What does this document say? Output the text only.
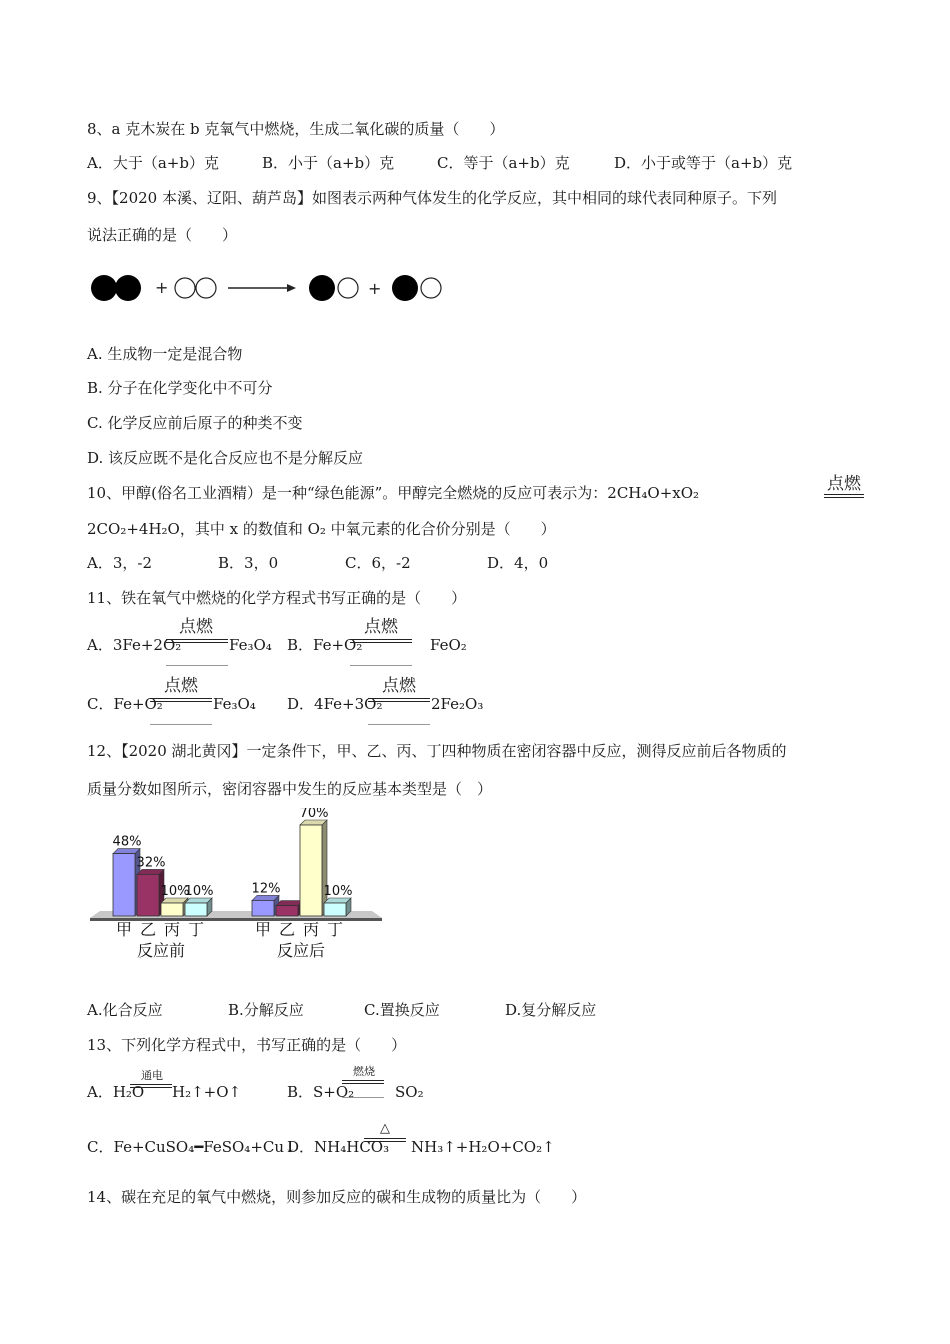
8、a 克木炭在 b 克氧气中燃烧，生成二氧化碳的质量（　　）
A．大于（a+b）克	B．小于（a+b）克	C．等于（a+b）克	D．小于或等于（a+b）克
9、【2020 本溪、辽阳、葫芦岛】如图表示两种气体发生的化学反应，其中相同的球代表同种原子。下列
说法正确的是（　　）
+	+
A. 生成物一定是混合物
B. 分子在化学变化中不可分
C. 化学反应前后原子的种类不变
D. 该反应既不是化合反应也不是分解反应
10、甲醇(俗名工业酒精）是一种“绿色能源”。甲醇完全燃烧的反应可表示为：2CH₄O+xO₂	点燃
2CO₂+4H₂O，其中 x 的数值和 O₂ 中氧元素的化合价分别是（　　）
A．3，-2	B．3，0	C．6，-2	D．4，0
11、铁在氧气中燃烧的化学方程式书写正确的是（　　）
A．3Fe+2O₂
点燃
Fe₃O₄ B．Fe+O₂
点燃
FeO₂
C．Fe+O₂
点燃
Fe₃O₄ D．4Fe+3O₂
点燃
2Fe₂O₃
12、【2020 湖北黄冈】一定条件下，甲、乙、丙、丁四种物质在密闭容器中反应，测得反应前后各物质的
质量分数如图所示，密闭容器中发生的反应基本类型是（　）
48%
32%
10%
10%	12%
70%
10%
甲 乙 丙 丁	甲 乙 丙 丁
反应前	反应后
A.化合反应	B.分解反应	C.置换反应	D.复分解反应
13、下列化学方程式中，书写正确的是（　　）
A．H₂O
通电
H₂↑+O↑	B．S+O₂
燃烧
SO₂
C．Fe+CuSO₄━FeSO₄+Cu↓
D．NH₄HCO₃
△
NH₃↑+H₂O+CO₂↑
14、碳在充足的氧气中燃烧，则参加反应的碳和生成物的质量比为（　　）
